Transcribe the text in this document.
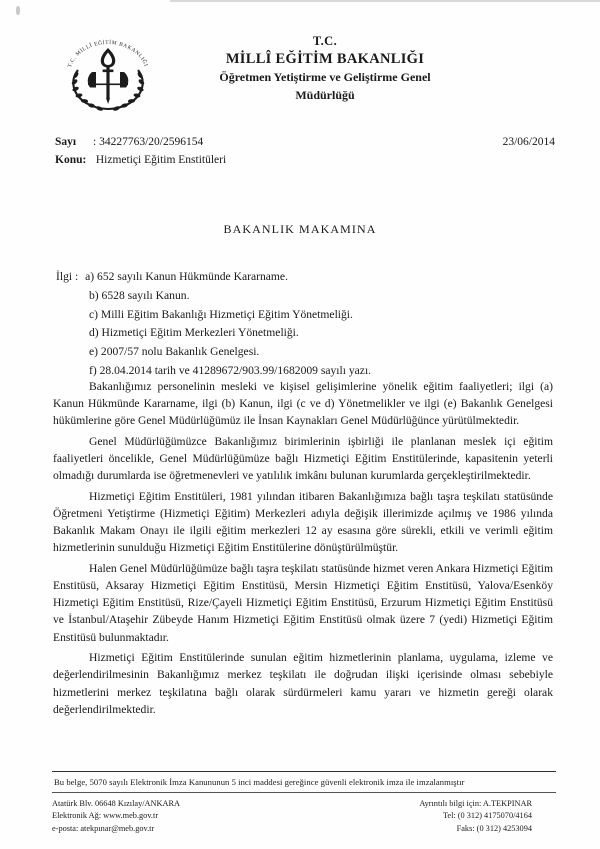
T.C. MİLLÎ EĞİTİM BAKANLIĞI
T.C.
MİLLÎ EĞİTİM BAKANLIĞI
Öğretmen Yetiştirme ve Geliştirme Genel
Müdürlüğü
Sayı : 34227763/20/2596154	23/06/2014
Konu: Hizmetiçi Eğitim Enstitüleri
BAKANLIK MAKAMINA
İlgi : a) 652 sayılı Kanun Hükmünde Kararname.
b) 6528 sayılı Kanun.
c) Milli Eğitim Bakanlığı Hizmetiçi Eğitim Yönetmeliği.
d) Hizmetiçi Eğitim Merkezleri Yönetmeliği.
e) 2007/57 nolu Bakanlık Genelgesi.
f) 28.04.2014 tarih ve 41289672/903.99/1682009 sayılı yazı.

Bakanlığımız personelinin mesleki ve kişisel gelişimlerine yönelik eğitim faaliyetleri; ilgi (a) Kanun Hükmünde Kararname, ilgi (b) Kanun, ilgi (c ve d) Yönetmelikler ve ilgi (e) Bakanlık Genelgesi hükümlerine göre Genel Müdürlüğümüz ile İnsan Kaynakları Genel Müdürlüğünce yürütülmektedir.

Genel Müdürlüğümüzce Bakanlığımız birimlerinin işbirliği ile planlanan meslek içi eğitim faaliyetleri öncelikle, Genel Müdürlüğümüze bağlı Hizmetiçi Eğitim Enstitülerinde, kapasitenin yeterli olmadığı durumlarda ise öğretmenevleri ve yatılılık imkânı bulunan kurumlarda gerçekleştirilmektedir.

Hizmetiçi Eğitim Enstitüleri, 1981 yılından itibaren Bakanlığımıza bağlı taşra teşkilatı statüsünde Öğretmeni Yetiştirme (Hizmetiçi Eğitim) Merkezleri adıyla değişik illerimizde açılmış ve 1986 yılında Bakanlık Makam Onayı ile ilgili eğitim merkezleri 12 ay esasına göre sürekli, etkili ve verimli eğitim hizmetlerinin sunulduğu Hizmetiçi Eğitim Enstitülerine dönüştürülmüştür.

Halen Genel Müdürlüğümüze bağlı taşra teşkilatı statüsünde hizmet veren Ankara Hizmetiçi Eğitim Enstitüsü, Aksaray Hizmetiçi Eğitim Enstitüsü, Mersin Hizmetiçi Eğitim Enstitüsü, Yalova/Esenköy Hizmetiçi Eğitim Enstitüsü, Rize/Çayeli Hizmetiçi Eğitim Enstitüsü, Erzurum Hizmetiçi Eğitim Enstitüsü ve İstanbul/Ataşehir Zübeyde Hanım Hizmetiçi Eğitim Enstitüsü olmak üzere 7 (yedi) Hizmetiçi Eğitim Enstitüsü bulunmaktadır.

Hizmetiçi Eğitim Enstitülerinde sunulan eğitim hizmetlerinin planlama, uygulama, izleme ve değerlendirilmesinin Bakanlığımız merkez teşkilatı ile doğrudan ilişki içerisinde olması sebebiyle hizmetlerini merkez teşkilatına bağlı olarak sürdürmeleri kamu yararı ve hizmetin gereği olarak değerlendirilmektedir.

Bu belge, 5070 sayılı Elektronik İmza Kanununun 5 inci maddesi gereğince güvenli elektronik imza ile imzalanmıştır
Atatürk Blv. 06648 Kızılay/ANKARA
Elektronik Ağ: www.meb.gov.tr
e-posta: atekpınar@meb.gov.tr
Ayrıntılı bilgi için: A.TEKPINAR
Tel: (0 312) 4175070/4164
Faks: (0 312) 4253094
